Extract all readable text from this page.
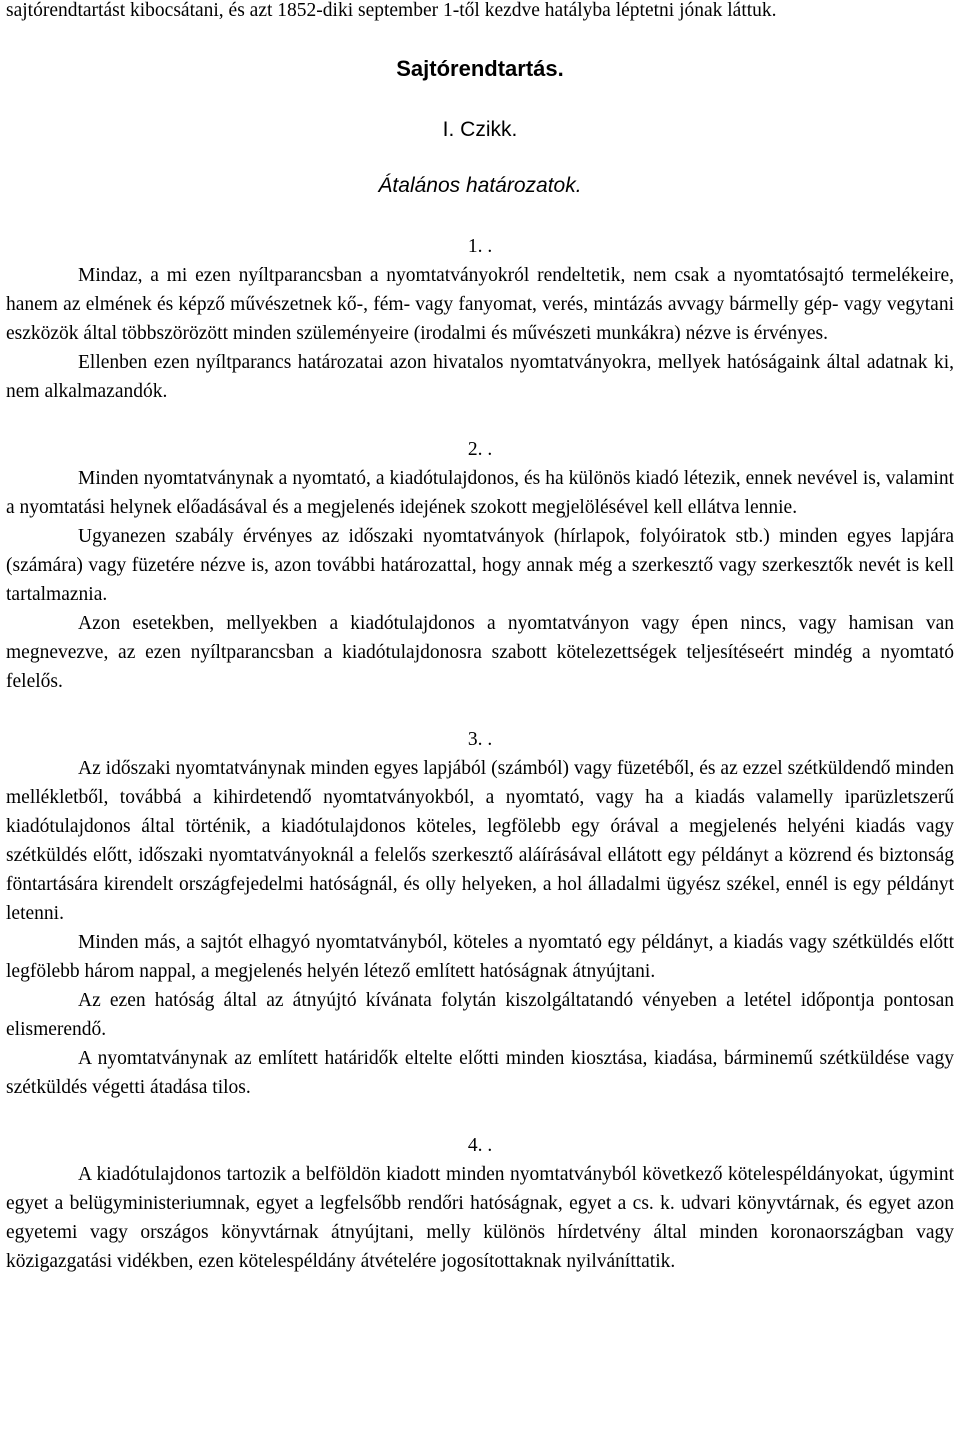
sajtórendtartást kibocsátani, és azt 1852-diki september 1-től kezdve hatályba léptetni jónak láttuk.

Sajtórendtartás.
I. Czikk.
Átalános határozatok.
1. .

Mindaz, a mi ezen nyíltparancsban a nyomtatványokról rendeltetik, nem csak a nyomtatósajtó termelékeire, hanem az elmének és képző művészetnek kő-, fém- vagy fanyomat, verés, mintázás avvagy bármelly gép- vagy vegytani eszközök által többszörözött minden szüleményeire (irodalmi és művészeti munkákra) nézve is érvényes.

Ellenben ezen nyíltparancs határozatai azon hivatalos nyomtatványokra, mellyek hatóságaink által adatnak ki, nem alkalmazandók.

2. .

Minden nyomtatványnak a nyomtató, a kiadótulajdonos, és ha különös kiadó létezik, ennek nevével is, valamint a nyomtatási helynek előadásával és a megjelenés idejének szokott megjelölésével kell ellátva lennie.

Ugyanezen szabály érvényes az időszaki nyomtatványok (hírlapok, folyóiratok stb.) minden egyes lapjára (számára) vagy füzetére nézve is, azon további határozattal, hogy annak még a szerkesztő vagy szerkesztők nevét is kell tartalmaznia.

Azon esetekben, mellyekben a kiadótulajdonos a nyomtatványon vagy épen nincs, vagy hamisan van megnevezve, az ezen nyíltparancsban a kiadótulajdonosra szabott kötelezettségek teljesítéseért mindég a nyomtató felelős.

3. .

Az időszaki nyomtatványnak minden egyes lapjából (számból) vagy füzetéből, és az ezzel szétküldendő minden mellékletből, továbbá a kihirdetendő nyomtatványokból, a nyomtató, vagy ha a kiadás valamelly iparüzletszerű kiadótulajdonos által történik, a kiadótulajdonos köteles, legfölebb egy órával a megjelenés helyéni kiadás vagy szétküldés előtt, időszaki nyomtatványoknál a felelős szerkesztő aláírásával ellátott egy példányt a közrend és biztonság föntartására kirendelt országfejedelmi hatóságnál, és olly helyeken, a hol álladalmi ügyész székel, ennél is egy példányt letenni.

Minden más, a sajtót elhagyó nyomtatványból, köteles a nyomtató egy példányt, a kiadás vagy szétküldés előtt legfölebb három nappal, a megjelenés helyén létező említett hatóságnak átnyújtani.

Az ezen hatóság által az átnyújtó kívánata folytán kiszolgáltatandó vényeben a letétel időpontja pontosan elismerendő.

A nyomtatványnak az említett határidők eltelte előtti minden kiosztása, kiadása, bárminemű szétküldése vagy szétküldés végetti átadása tilos.

4. .

A kiadótulajdonos tartozik a belföldön kiadott minden nyomtatványból következő kötelespéldányokat, úgymint egyet a belügyministeriumnak, egyet a legfelsőbb rendőri hatóságnak, egyet a cs. k. udvari könyvtárnak, és egyet azon egyetemi vagy országos könyvtárnak átnyújtani, melly különös hírdetvény által minden koronaországban vagy közigazgatási vidékben, ezen kötelespéldány átvételére jogosítottaknak nyilváníttatik.
